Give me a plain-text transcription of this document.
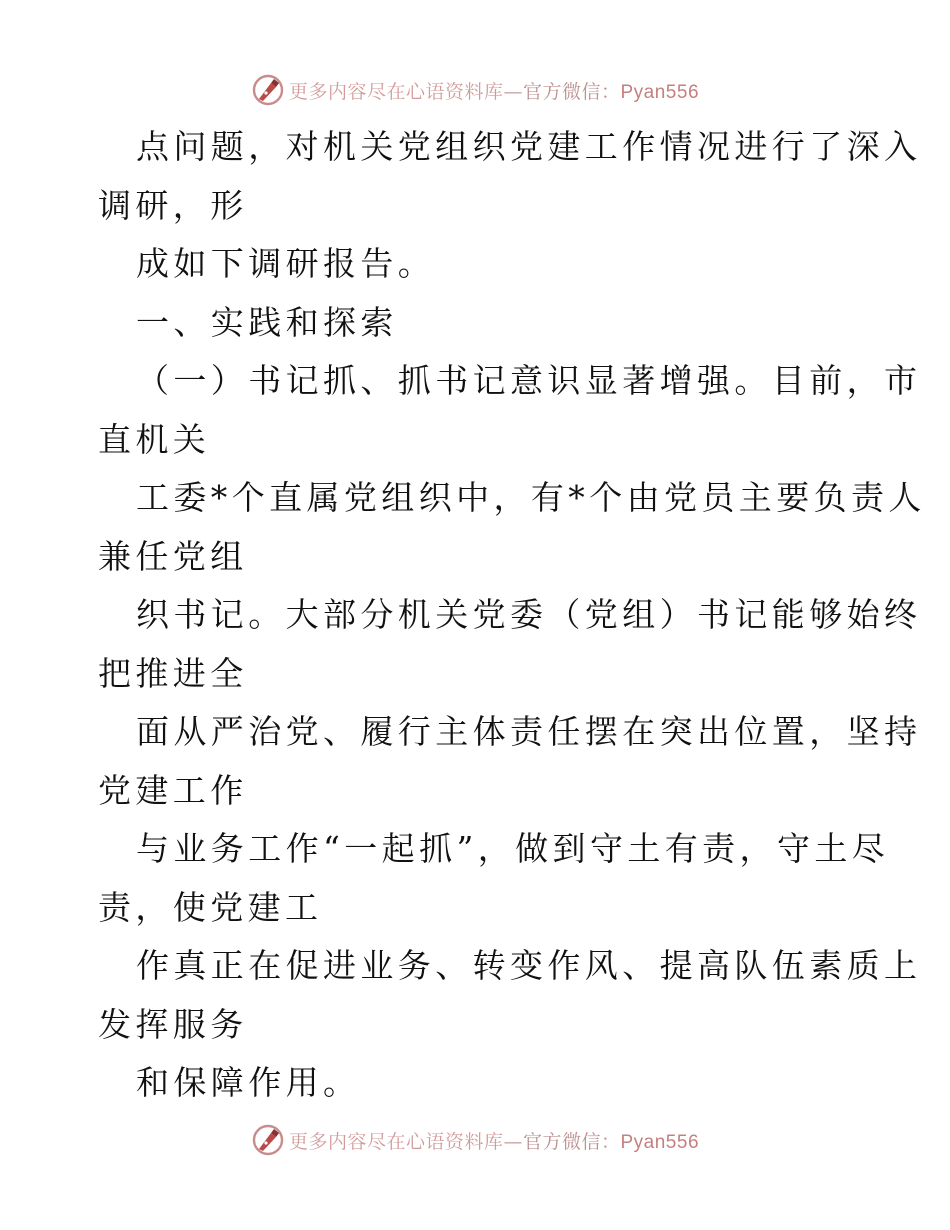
更多内容尽在心语资料库—官方微信：Pyan556
点问题，对机关党组织党建工作情况进行了深入
调研，形
成如下调研报告。
一、实践和探索
（一）书记抓、抓书记意识显著增强。目前，市
直机关
工委*个直属党组织中，有*个由党员主要负责人
兼任党组
织书记。大部分机关党委（党组）书记能够始终
把推进全
面从严治党、履行主体责任摆在突出位置，坚持
党建工作
与业务工作“一起抓”，做到守土有责，守土尽
责，使党建工
作真正在促进业务、转变作风、提高队伍素质上
发挥服务
和保障作用。
更多内容尽在心语资料库—官方微信：Pyan556
